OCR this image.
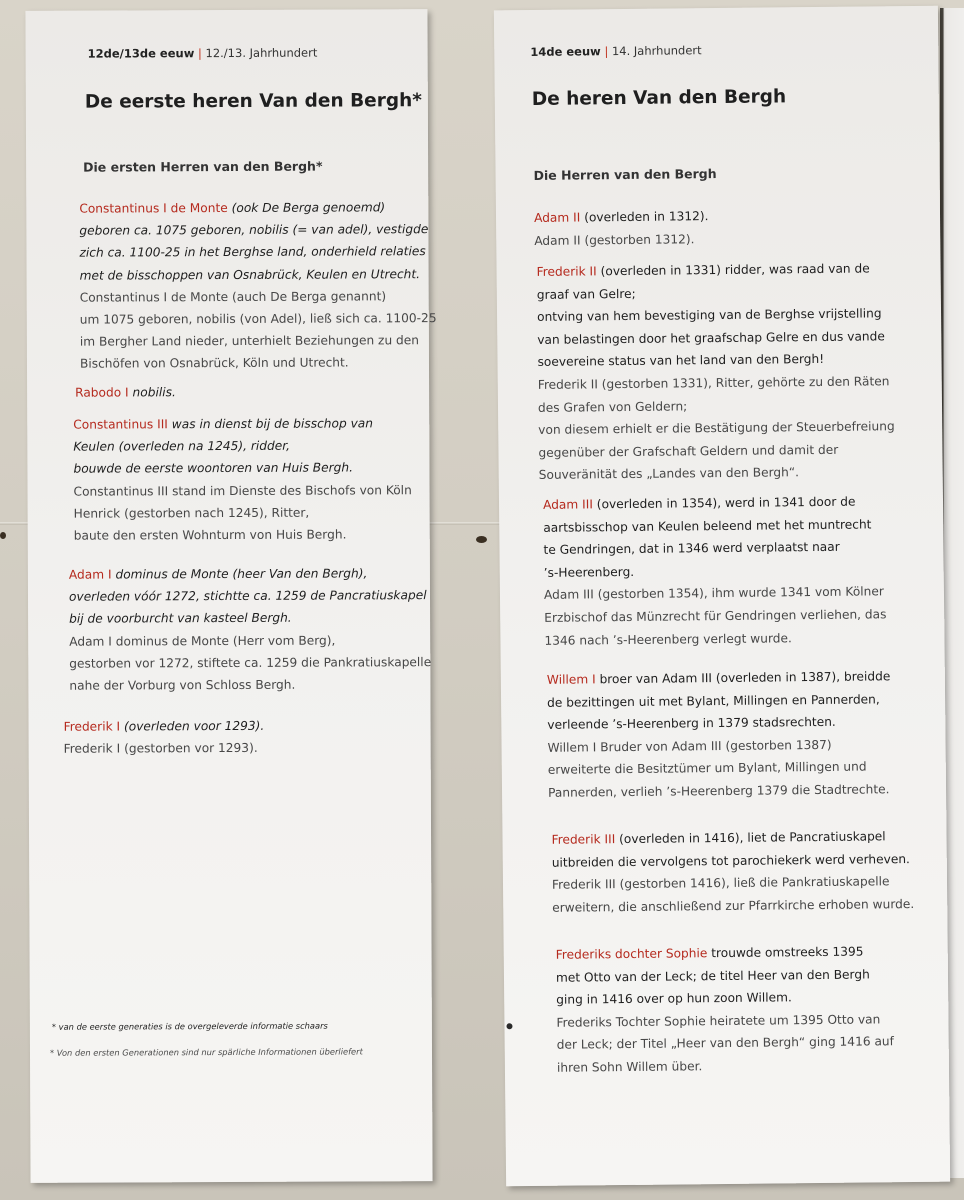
12de/13de eeuw | 12./13. Jahrhundert
De eerste heren Van den Bergh*
Die ersten Herren van den Bergh*
Constantinus I de Monte (ook De Berga genoemd)
geboren ca. 1075 geboren, nobilis (= van adel), vestigde
zich ca. 1100-25 in het Berghse land, onderhield relaties
met de bisschoppen van Osnabrück, Keulen en Utrecht.
Constantinus I de Monte (auch De Berga genannt)
um 1075 geboren, nobilis (von Adel), ließ sich ca. 1100-25
im Bergher Land nieder, unterhielt Beziehungen zu den
Bischöfen von Osnabrück, Köln und Utrecht.
Rabodo I nobilis.
Constantinus III was in dienst bij de bisschop van
Keulen (overleden na 1245), ridder,
bouwde de eerste woontoren van Huis Bergh.
Constantinus III stand im Dienste des Bischofs von Köln
Henrick (gestorben nach 1245), Ritter,
baute den ersten Wohnturm von Huis Bergh.
Adam I dominus de Monte (heer Van den Bergh),
overleden vóór 1272, stichtte ca. 1259 de Pancratiuskapel
bij de voorburcht van kasteel Bergh.
Adam I dominus de Monte (Herr vom Berg),
gestorben vor 1272, stiftete ca. 1259 die Pankratiuskapelle
nahe der Vorburg von Schloss Bergh.
Frederik I (overleden voor 1293).
Frederik I (gestorben vor 1293).
* van de eerste generaties is de overgeleverde informatie schaars
* Von den ersten Generationen sind nur spärliche Informationen überliefert
14de eeuw | 14. Jahrhundert
De heren Van den Bergh
Die Herren van den Bergh
Adam II (overleden in 1312).
Adam II (gestorben 1312).
Frederik II (overleden in 1331) ridder, was raad van de
graaf van Gelre;
ontving van hem bevestiging van de Berghse vrijstelling
van belastingen door het graafschap Gelre en dus vande
soevereine status van het land van den Bergh!
Frederik II (gestorben 1331), Ritter, gehörte zu den Räten
des Grafen von Geldern;
von diesem erhielt er die Bestätigung der Steuerbefreiung
gegenüber der Grafschaft Geldern und damit der
Souveränität des „Landes van den Bergh“.
Adam III (overleden in 1354), werd in 1341 door de
aartsbisschop van Keulen beleend met het muntrecht
te Gendringen, dat in 1346 werd verplaatst naar
’s-Heerenberg.
Adam III (gestorben 1354), ihm wurde 1341 vom Kölner
Erzbischof das Münzrecht für Gendringen verliehen, das
1346 nach ’s-Heerenberg verlegt wurde.
Willem I broer van Adam III (overleden in 1387), breidde
de bezittingen uit met Bylant, Millingen en Pannerden,
verleende ’s-Heerenberg in 1379 stadsrechten.
Willem I Bruder von Adam III (gestorben 1387)
erweiterte die Besitztümer um Bylant, Millingen und
Pannerden, verlieh ’s-Heerenberg 1379 die Stadtrechte.
Frederik III (overleden in 1416), liet de Pancratiuskapel
uitbreiden die vervolgens tot parochiekerk werd verheven.
Frederik III (gestorben 1416), ließ die Pankratiuskapelle
erweitern, die anschließend zur Pfarrkirche erhoben wurde.
Frederiks dochter Sophie trouwde omstreeks 1395
met Otto van der Leck; de titel Heer van den Bergh
ging in 1416 over op hun zoon Willem.
Frederiks Tochter Sophie heiratete um 1395 Otto van
der Leck; der Titel „Heer van den Bergh“ ging 1416 auf
ihren Sohn Willem über.
